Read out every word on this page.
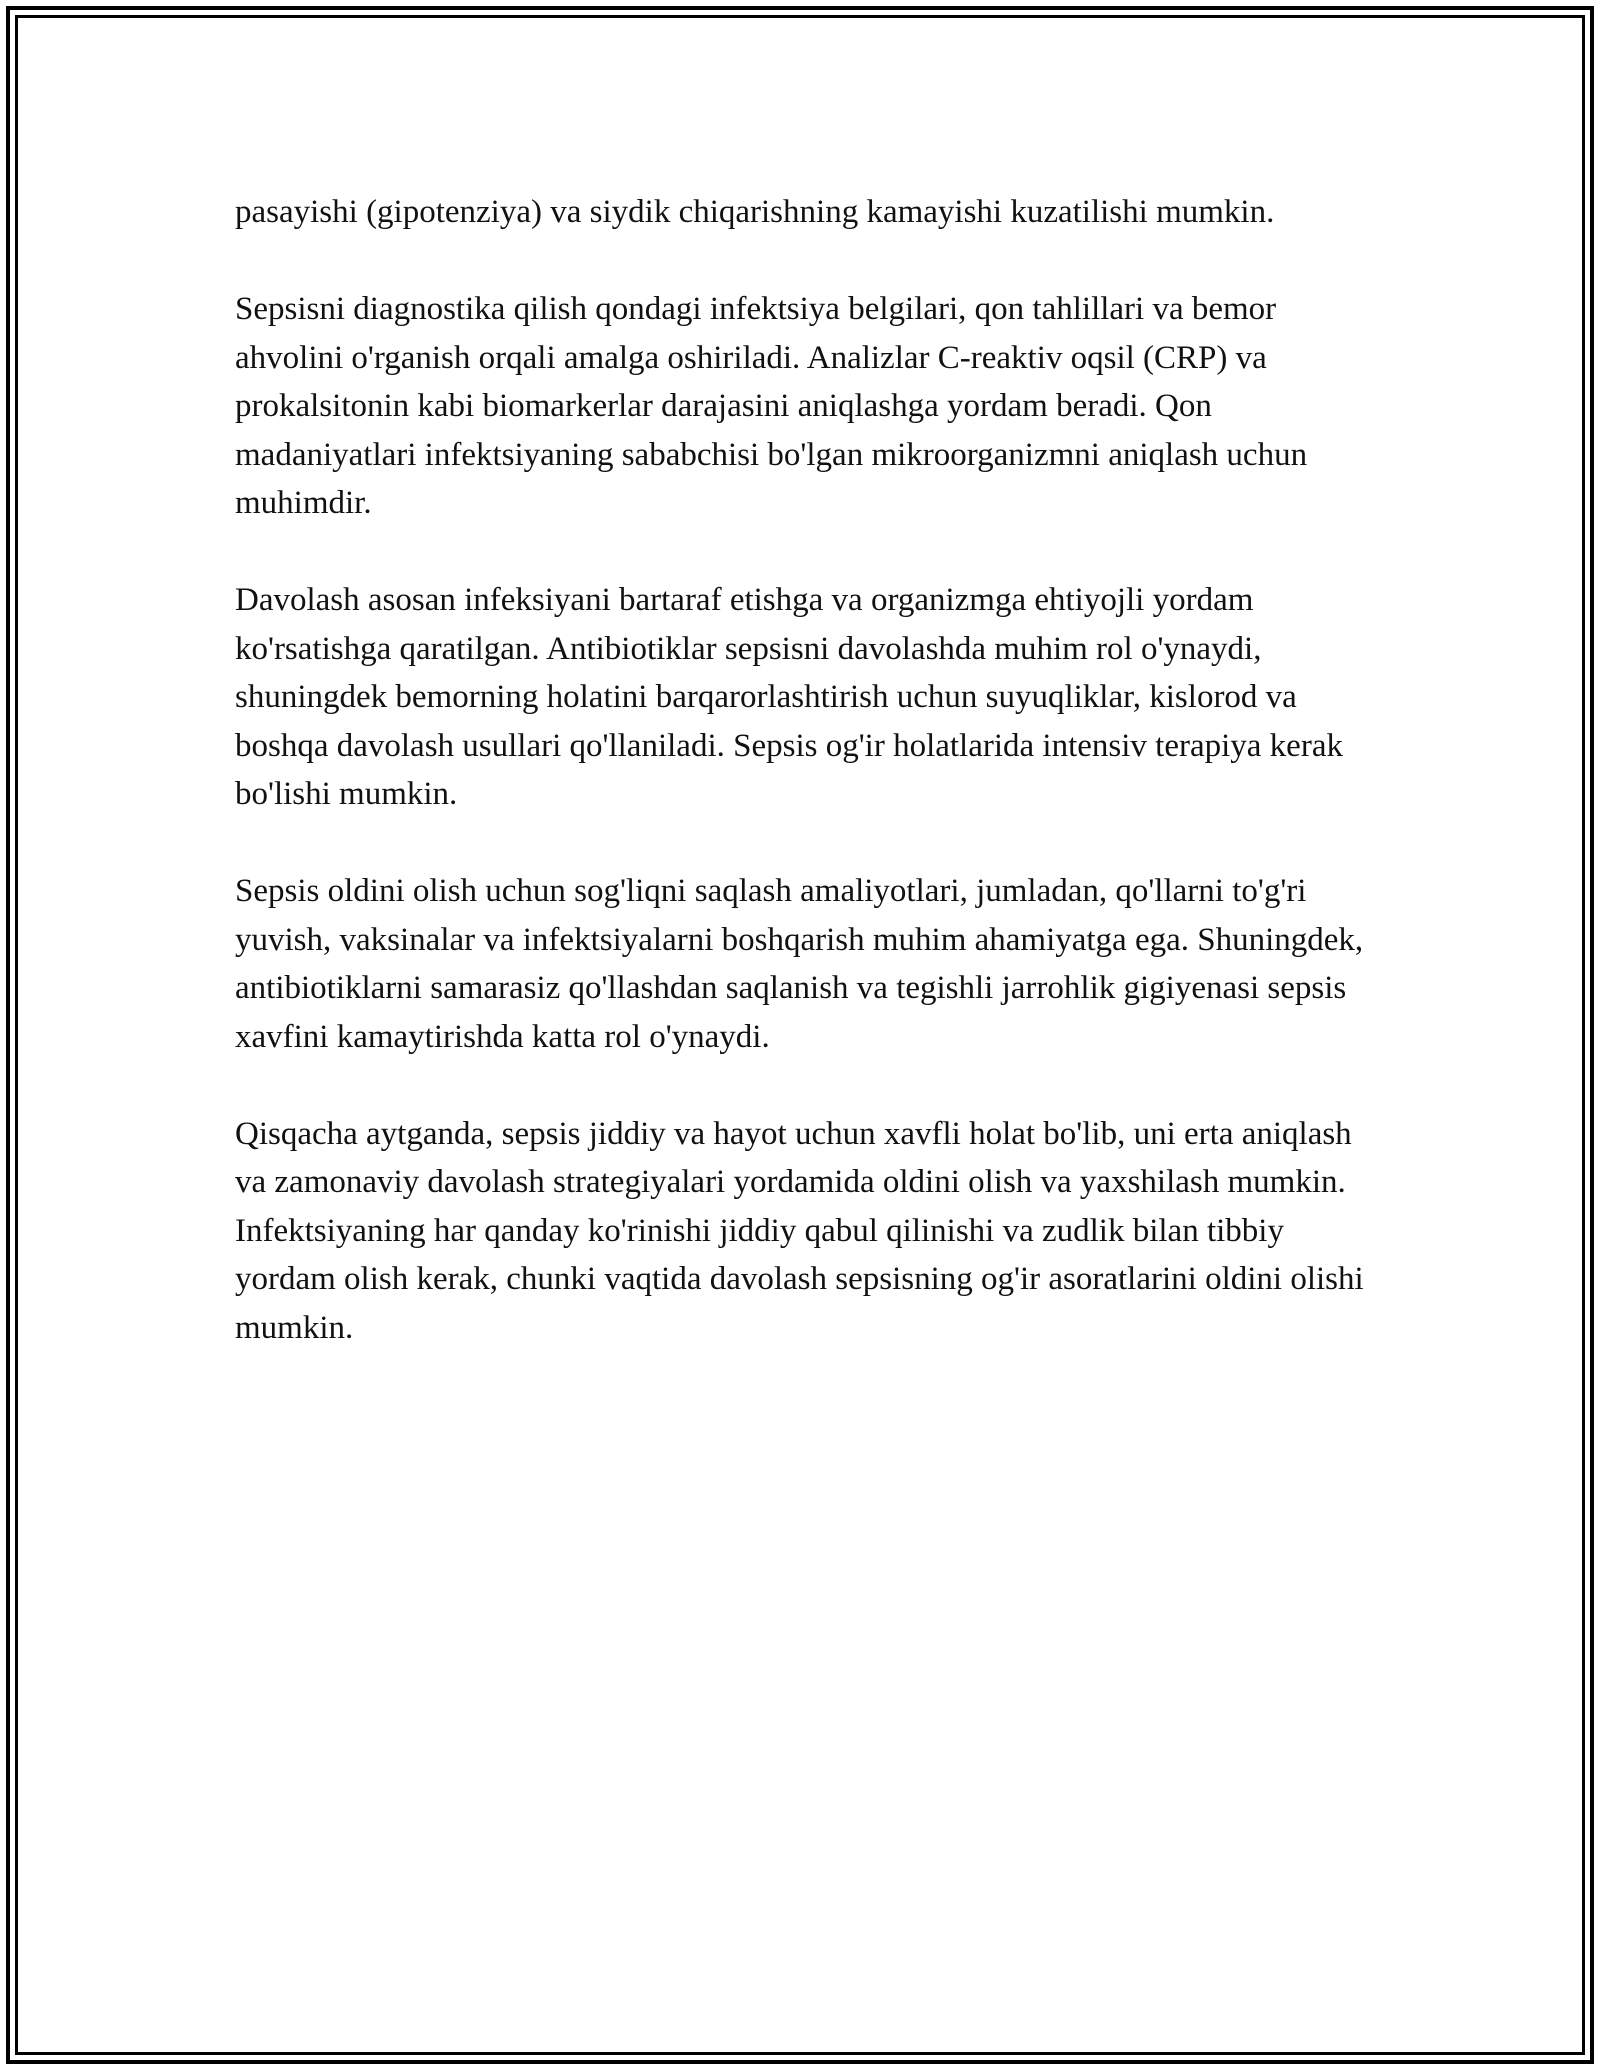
pasayishi (gipotenziya) va siydik chiqarishning kamayishi kuzatilishi mumkin.

Sepsisni diagnostika qilish qondagi infektsiya belgilari, qon tahlillari va bemor ahvolini o'rganish orqali amalga oshiriladi. Analizlar C-reaktiv oqsil (CRP) va prokalsitonin kabi biomarkerlar darajasini aniqlashga yordam beradi. Qon madaniyatlari infektsiyaning sababchisi bo'lgan mikroorganizmni aniqlash uchun muhimdir.

Davolash asosan infeksiyani bartaraf etishga va organizmga ehtiyojli yordam ko'rsatishga qaratilgan. Antibiotiklar sepsisni davolashda muhim rol o'ynaydi, shuningdek bemorning holatini barqarorlashtirish uchun suyuqliklar, kislorod va boshqa davolash usullari qo'llaniladi. Sepsis og'ir holatlarida intensiv terapiya kerak bo'lishi mumkin.

Sepsis oldini olish uchun sog'liqni saqlash amaliyotlari, jumladan, qo'llarni to'g'ri yuvish, vaksinalar va infektsiyalarni boshqarish muhim ahamiyatga ega. Shuningdek, antibiotiklarni samarasiz qo'llashdan saqlanish va tegishli jarrohlik gigiyenasi sepsis xavfini kamaytirishda katta rol o'ynaydi.

Qisqacha aytganda, sepsis jiddiy va hayot uchun xavfli holat bo'lib, uni erta aniqlash va zamonaviy davolash strategiyalari yordamida oldini olish va yaxshilash mumkin. Infektsiyaning har qanday ko'rinishi jiddiy qabul qilinishi va zudlik bilan tibbiy yordam olish kerak, chunki vaqtida davolash sepsisning og'ir asoratlarini oldini olishi mumkin.
